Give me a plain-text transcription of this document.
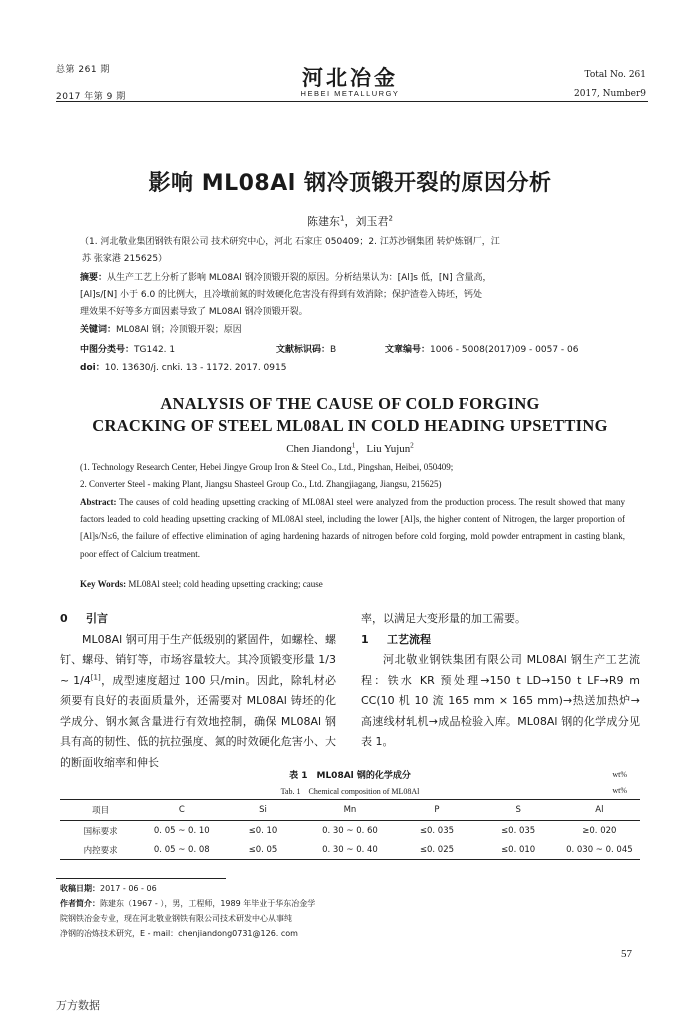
总第 261 期
2017 年第 9 期
河北冶金
HEBEI METALLURGY
Total No. 261
2017, Number9
影响 ML08Al 钢冷顶锻开裂的原因分析
陈建东$^1$，刘玉君$^2$
（1. 河北敬业集团钢铁有限公司 技术研究中心，河北 石家庄 050409；2. 江苏沙钢集团 转炉炼钢厂，江
苏 张家港 215625）
摘要：从生产工艺上分析了影响 ML08Al 钢冷顶锻开裂的原因。分析结果认为：[Al]s 低，[N] 含量高，
[Al]s/[N] 小于 6.0 的比例大，且冷墩前氮的时效硬化危害没有得到有效消除；保护渣卷入铸坯，钙处
理效果不好等多方面因素导致了 ML08Al 钢冷顶锻开裂。
关键词：ML08Al 钢；冷顶锻开裂；原因
中图分类号：TG142. 1	文献标识码：B	文章编号：1006 - 5008(2017)09 - 0057 - 06
doi：10. 13630/j. cnki. 13 - 1172. 2017. 0915
ANALYSIS OF THE CAUSE OF COLD FORGING
CRACKING OF STEEL ML08AL IN COLD HEADING UPSETTING
Chen Jiandong$^1$，Liu Yujun$^2$
(1. Technology Research Center, Hebei Jingye Group Iron & Steel Co., Ltd., Pingshan, Heibei, 050409;
2. Converter Steel - making Plant, Jiangsu Shasteel Group Co., Ltd. Zhangjiagang, Jiangsu, 215625)
Abstract: The causes of cold heading upsetting cracking of ML08Al steel were analyzed from the production process. The result showed that many factors leaded to cold heading upsetting cracking of ML08Al steel, including the lower [Al]s, the higher content of Nitrogen, the larger proportion of [Al]s/N≤6, the failure of effective elimination of aging hardening hazards of nitrogen before cold forging, mold powder entrapment in casting blank, poor effect of Calcium treatment.
Key Words: ML08Al steel; cold heading upsetting cracking; cause
0 引言

ML08Al 钢可用于生产低级别的紧固件，如螺栓、螺钉、螺母、销钉等，市场容量较大。其冷顶锻变形量 1/3 ~ 1/4[1]，成型速度超过 100 只/min。因此，除轧材必须要有良好的表面质量外，还需要对 ML08Al 铸坯的化学成分、钢水氮含量进行有效地控制，确保 ML08Al 钢具有高的韧性、低的抗拉强度、氮的时效硬化危害小、大的断面收缩率和伸长

率，以满足大变形量的加工需要。

1 工艺流程

河北敬业钢铁集团有限公司 ML08Al 钢生产工艺流程：铁水 KR 预处理→150 t LD→150 t LF→R9 m CC(10 机 10 流 165 mm × 165 mm)→热送加热炉→高速线材轧机→成品检验入库。ML08Al 钢的化学成分见表 1。

表 1　ML08Al 钢的化学成分
Tab. 1　Chemical composition of ML08Al
wt%
wt%
项目	C	Si	Mn	P	S	Al
国标要求	0. 05 ~ 0. 10	≤0. 10	0. 30 ~ 0. 60	≤0. 035	≤0. 035	≥0. 020
内控要求	0. 05 ~ 0. 08	≤0. 05	0. 30 ~ 0. 40	≤0. 025	≤0. 010	0. 030 ~ 0. 045
收稿日期：2017 - 06 - 06
作者简介：陈建东（1967 - ），男，工程师，1989 年毕业于华东冶金学
院钢铁冶金专业，现在河北敬业钢铁有限公司技术研发中心从事纯
净钢的冶炼技术研究，E - mail：chenjiandong0731@126. com
57
万方数据
